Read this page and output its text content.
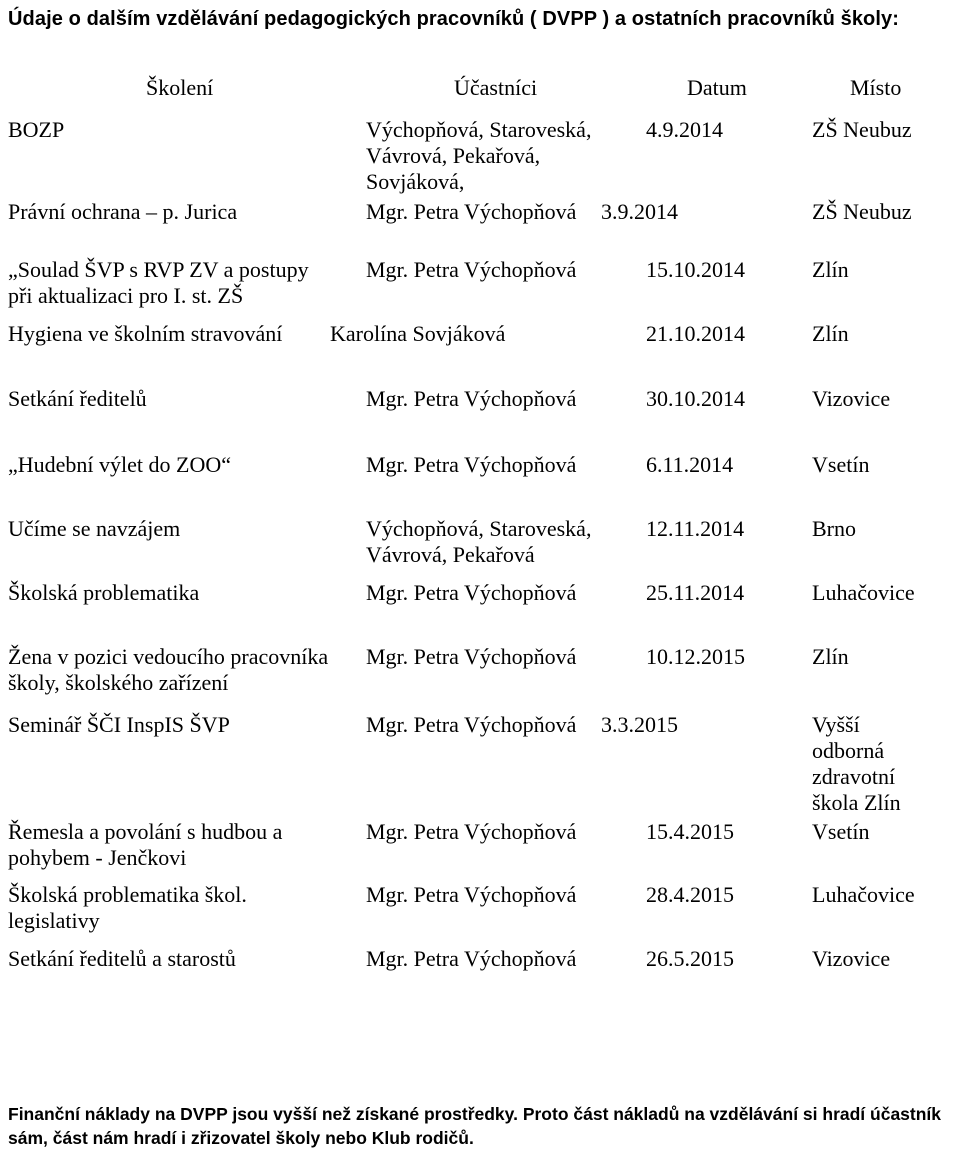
Údaje o dalším vzdělávání pedagogických pracovníků ( DVPP ) a ostatních pracovníků školy:
Školení	Účastníci	Datum	Místo
BOZP	Výchopňová, Staroveská,
Vávrová, Pekařová,
Sovjáková,
4.9.2014	ZŠ Neubuz
Právní ochrana – p. Jurica	Mgr. Petra Výchopňová 3.9.2014	ZŠ Neubuz
„Soulad ŠVP s RVP ZV a postupy
při aktualizaci pro I. st. ZŠ
Mgr. Petra Výchopňová	15.10.2014	Zlín
Hygiena ve školním stravování Karolína Sovjáková	21.10.2014	Zlín
Setkání ředitelů	Mgr. Petra Výchopňová	30.10.2014	Vizovice
„Hudební výlet do ZOO“	Mgr. Petra Výchopňová	6.11.2014	Vsetín
Učíme se navzájem	Výchopňová, Staroveská,
Vávrová, Pekařová
12.11.2014	Brno
Školská problematika	Mgr. Petra Výchopňová	25.11.2014	Luhačovice
Žena v pozici vedoucího pracovníka
školy, školského zařízení
Mgr. Petra Výchopňová	10.12.2015	Zlín
Seminář ŠČI InspIS ŠVP	Mgr. Petra Výchopňová 3.3.2015	Vyšší
odborná
zdravotní
škola Zlín
Řemesla a povolání s hudbou a
pohybem - Jenčkovi
Mgr. Petra Výchopňová	15.4.2015	Vsetín
Školská problematika škol.
legislativy
Mgr. Petra Výchopňová	28.4.2015	Luhačovice
Setkání ředitelů a starostů	Mgr. Petra Výchopňová	26.5.2015	Vizovice
Finanční náklady na DVPP jsou vyšší než získané prostředky. Proto část nákladů na vzdělávání si hradí účastník sám, část nám hradí i zřizovatel školy nebo Klub rodičů.
